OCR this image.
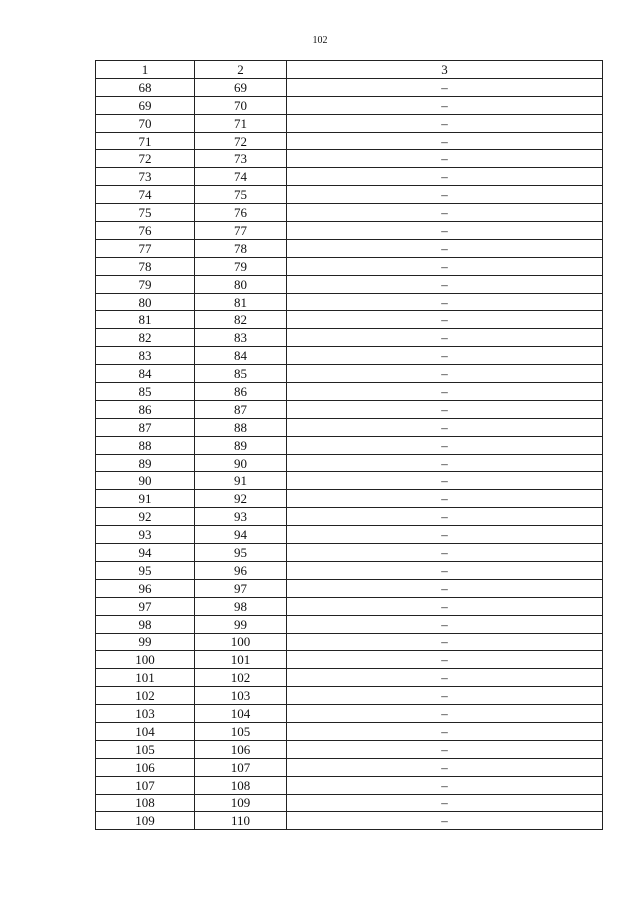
102
1	2	3
68	69	–
69	70	–
70	71	–
71	72	–
72	73	–
73	74	–
74	75	–
75	76	–
76	77	–
77	78	–
78	79	–
79	80	–
80	81	–
81	82	–
82	83	–
83	84	–
84	85	–
85	86	–
86	87	–
87	88	–
88	89	–
89	90	–
90	91	–
91	92	–
92	93	–
93	94	–
94	95	–
95	96	–
96	97	–
97	98	–
98	99	–
99	100	–
100	101	–
101	102	–
102	103	–
103	104	–
104	105	–
105	106	–
106	107	–
107	108	–
108	109	–
109	110	–
